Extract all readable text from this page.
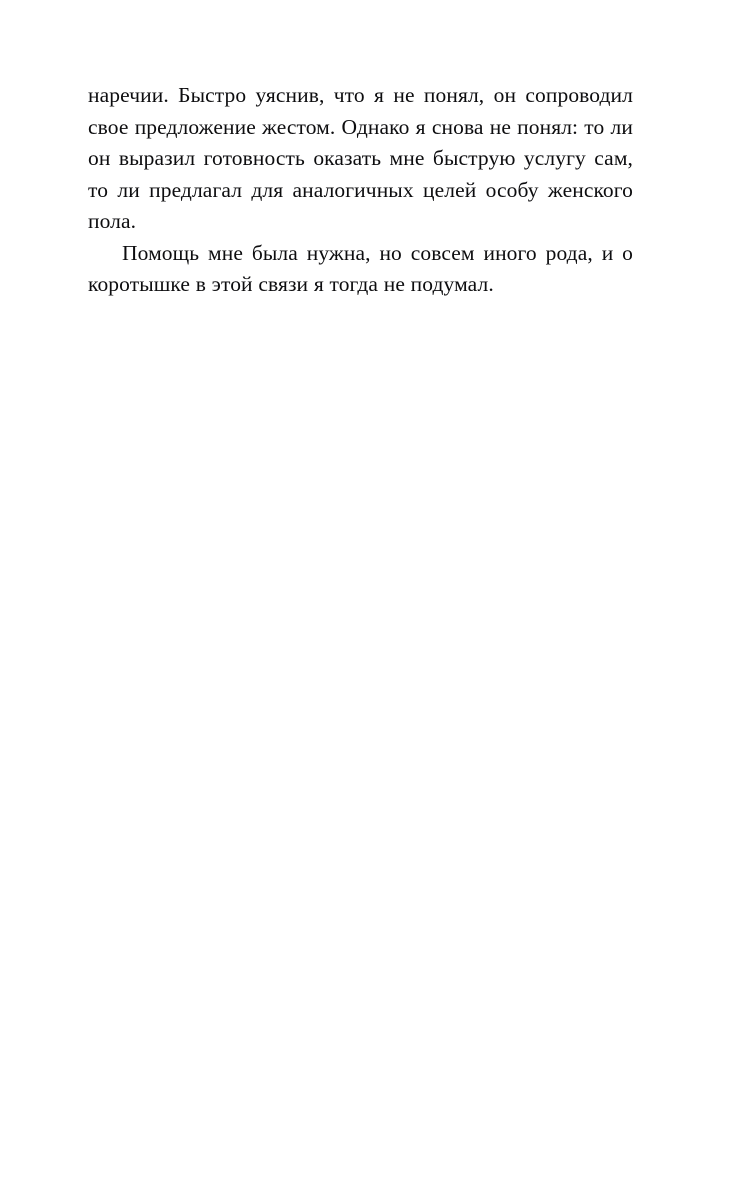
наречии. Быстро уяснив, что я не понял, он сопроводил свое предложение жестом. Однако я снова не понял: то ли он выразил готовность оказать мне быструю услугу сам, то ли предлагал для аналогичных целей особу женского пола.

Помощь мне была нужна, но совсем иного рода, и о коротышке в этой связи я тогда не подумал.
